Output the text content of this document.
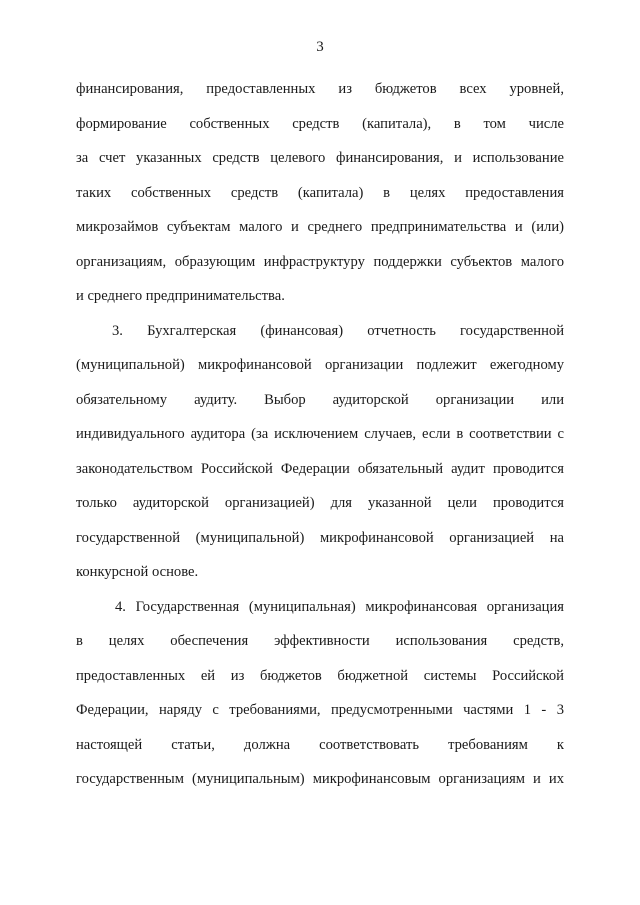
3
финансирования, предоставленных из бюджетов всех уровней,
формирование собственных средств (капитала), в том числе
за счет указанных средств целевого финансирования, и использование
таких собственных средств (капитала) в целях предоставления
микрозаймов субъектам малого и среднего предпринимательства и (или)
организациям, образующим инфраструктуру поддержки субъектов малого
и среднего предпринимательства.
3. Бухгалтерская (финансовая) отчетность государственной
(муниципальной) микрофинансовой организации подлежит ежегодному
обязательному аудиту. Выбор аудиторской организации или
индивидуального аудитора (за исключением случаев, если в соответствии с
законодательством Российской Федерации обязательный аудит проводится
только аудиторской организацией) для указанной цели проводится
государственной (муниципальной) микрофинансовой организацией на
конкурсной основе.
4. Государственная (муниципальная) микрофинансовая организация
в целях обеспечения эффективности использования средств,
предоставленных ей из бюджетов бюджетной системы Российской
Федерации, наряду с требованиями, предусмотренными частями 1 - 3
настоящей статьи, должна соответствовать требованиям к
государственным (муниципальным) микрофинансовым организациям и их
